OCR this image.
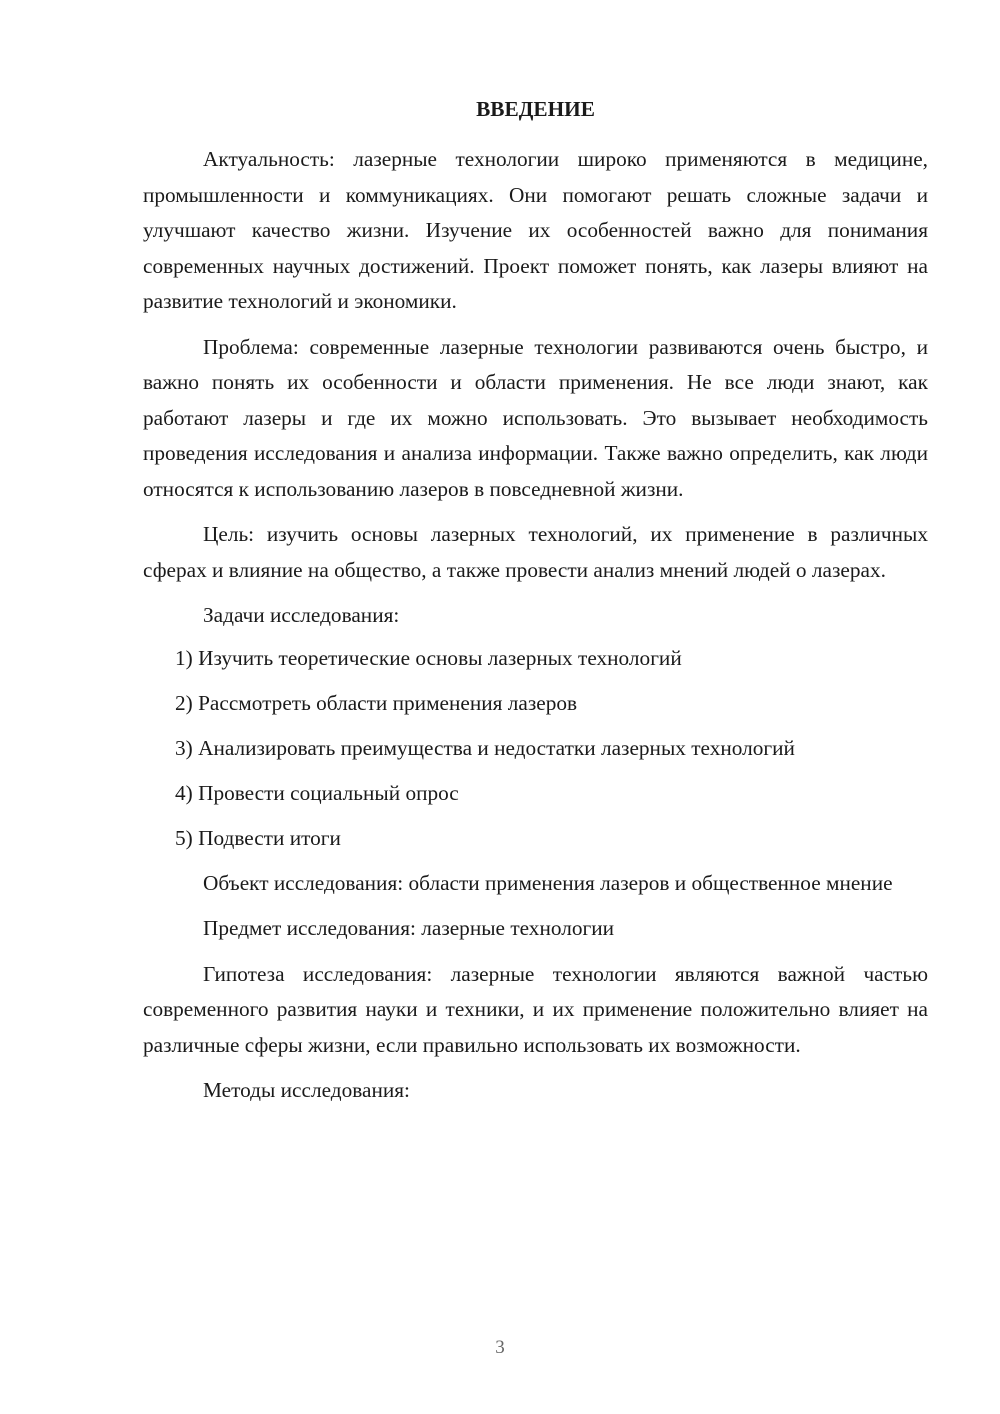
ВВЕДЕНИЕ

Актуальность: лазерные технологии широко применяются в медицине, промышленности и коммуникациях. Они помогают решать сложные задачи и улучшают качество жизни. Изучение их особенностей важно для понимания современных научных достижений. Проект поможет понять, как лазеры влияют на развитие технологий и экономики.

Проблема: современные лазерные технологии развиваются очень быстро, и важно понять их особенности и области применения. Не все люди знают, как работают лазеры и где их можно использовать. Это вызывает необходимость проведения исследования и анализа информации. Также важно определить, как люди относятся к использованию лазеров в повседневной жизни.

Цель: изучить основы лазерных технологий, их применение в различных сферах и влияние на общество, а также провести анализ мнений людей о лазерах.

Задачи исследования:

1) Изучить теоретические основы лазерных технологий
2) Рассмотреть области применения лазеров
3) Анализировать преимущества и недостатки лазерных технологий
4) Провести социальный опрос
5) Подвести итоги

Объект исследования: области применения лазеров и общественное мнение

Предмет исследования: лазерные технологии

Гипотеза исследования: лазерные технологии являются важной частью современного развития науки и техники, и их применение положительно влияет на различные сферы жизни, если правильно использовать их возможности.

Методы исследования:

3
